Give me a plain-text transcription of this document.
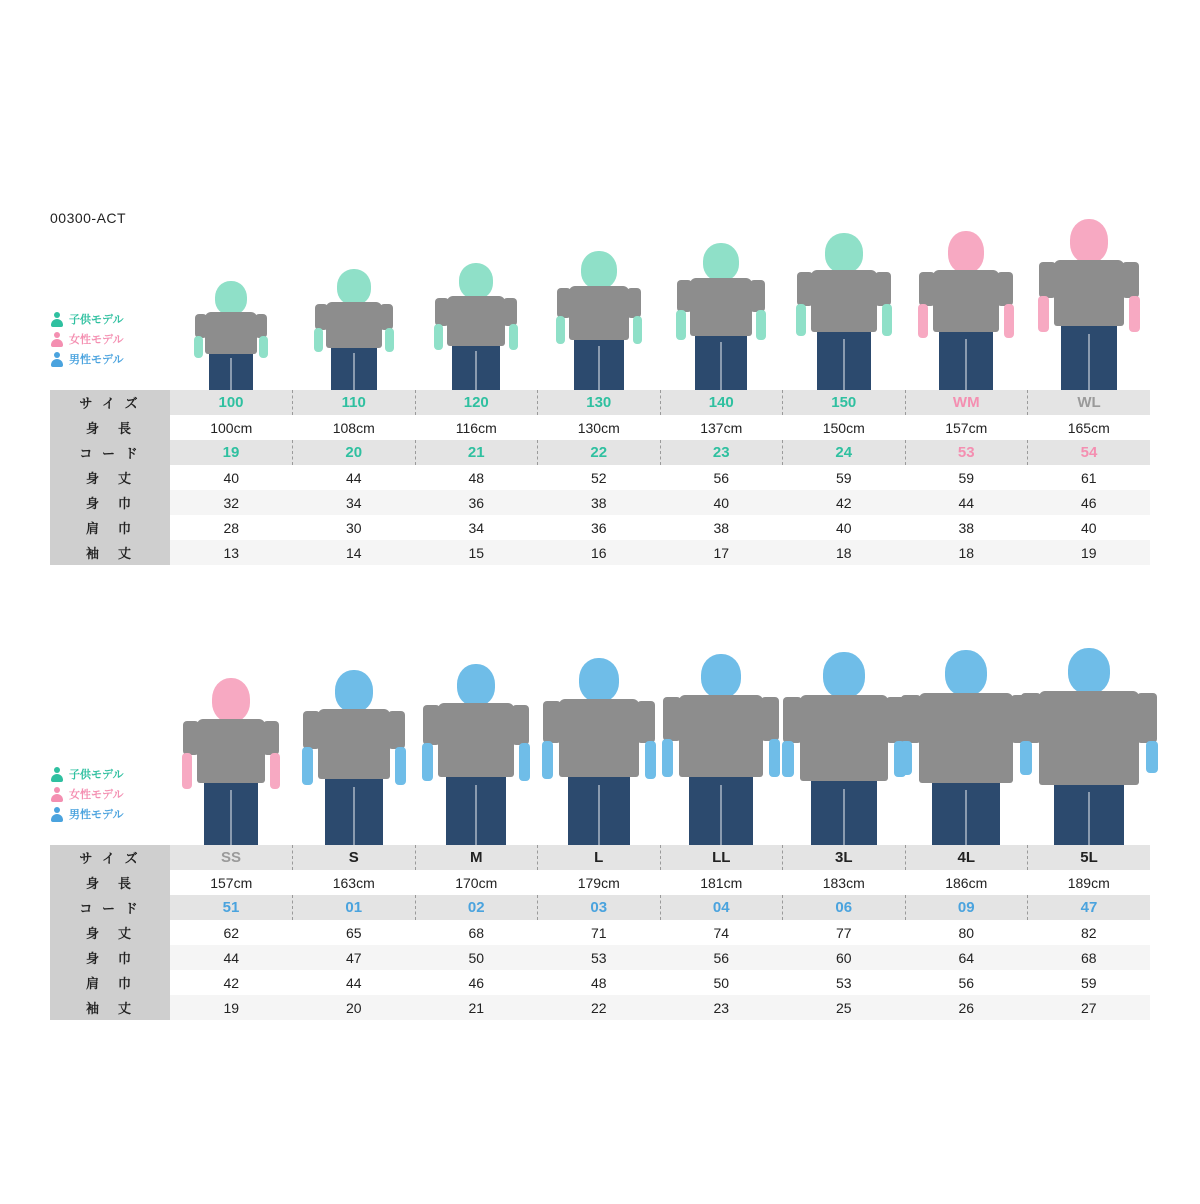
00300-ACT
子供モデル
女性モデル
男性モデル
サ イ ズ	100	110	120	130	140	150	WM	WL
身　長	100cm	108cm	116cm	130cm	137cm	150cm	157cm	165cm
コ ー ド	19	20	21	22	23	24	53	54
身　丈	40	44	48	52	56	59	59	61
身　巾	32	34	36	38	40	42	44	46
肩　巾	28	30	34	36	38	40	38	40
袖　丈	13	14	15	16	17	18	18	19
子供モデル
女性モデル
男性モデル
サ イ ズ	SS	S	M	L	LL	3L	4L	5L
身　長	157cm	163cm	170cm	179cm	181cm	183cm	186cm	189cm
コ ー ド	51	01	02	03	04	06	09	47
身　丈	62	65	68	71	74	77	80	82
身　巾	44	47	50	53	56	60	64	68
肩　巾	42	44	46	48	50	53	56	59
袖　丈	19	20	21	22	23	25	26	27
